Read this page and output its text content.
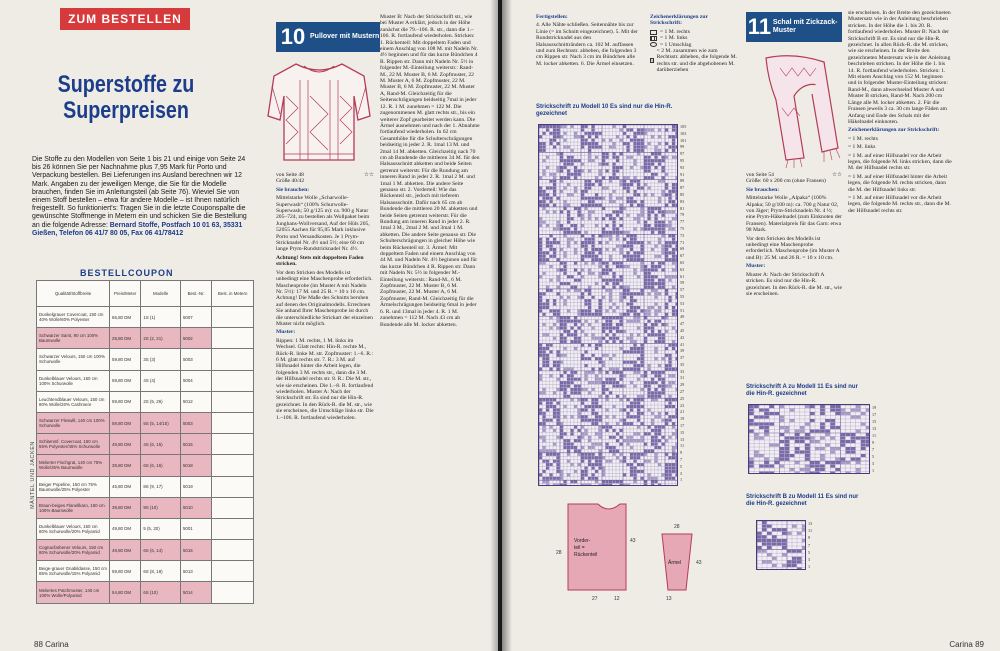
ZUM BESTELLEN
Superstoffe zu Superpreisen
Die Stoffe zu den Modellen von Seite 1 bis 21 und einige von Seite 24 bis 26 können Sie per Nachnahme plus 7,95 Mark für Porto und Verpackung bestellen. Bei Lieferungen ins Ausland berechnen wir 12 Mark. Angaben zu der jeweiligen Menge, die Sie für die Modelle brauchen, finden Sie im Anleitungsteil (ab Seite 76). Wieviel Sie von einem Stoff bestellen – etwa für andere Modelle – ist Ihnen natürlich freigestellt. So funktioniert's: Tragen Sie in die letzte Couponspalte die gewünschte Stoffmenge in Metern ein und schicken Sie die Bestellung an die folgende Adresse: Bernard Stoffe, Postfach 10 01 63, 35331 Gießen, Telefon 06 41/7 80 05, Fax 06 41/78412
BESTELLCOUPON
MÄNTEL UND JACKEN
Qualität/Stoffbreite	Preis/Meter	Modelle	Best.-Nr.	Best. in Metern
Dunkelgrauer Covercoat, 150 cm 40% Wolle/60% Polyester	65,80 DM	1S (1)	5007	
Schwarzer Samt, 90 cm 100% Baumwolle	29,80 DM	2S (2, 21)	5002	
Schwarzer Velours, 150 cm 100% Schurwolle	59,80 DM	3S (3)	5003	
Dunkelblauer Velours, 150 cm 100% Schurwolle	59,80 DM	4S (4)	5004	
Leuchtendblauer Velours, 150 cm 80% Wolle/20% Cashmere	59,80 DM	2S (5, 26)	5012	
Schwarzer Fleswill, 140 cm 100% Schurwolle	59,80 DM	5S (5, 14/15)	5003	
Schlammf. Covercoat, 150 cm 55% Polyester/45% Schurwolle	49,80 DM	4S (6, 15)	5015	
Melierter Fischgrat, 140 cm 75% Wolle/25% Baumwolle	39,80 DM	6S (6, 16)	5018	
Beiger Popeline, 150 cm 75% Baumwolle/25% Polyester	45,80 DM	8S (9, 17)	5019	
Braun-beiges Flanellkaro, 150 cm 100% Baumwolle	39,80 DM	9S (10)	5010	
Dunkelblauer Velours, 150 cm 80% Schurwolle/20% Polyamid	49,80 DM	5 (5, 20)	5001	
Cognacfarbener Velours, 150 cm 80% Schurwolle/20% Polyamid	49,80 DM	6S (6, 14)	5015	
Beige-grauer Gnabildasse, 150 cm 85% Schurwolle/15% Polyamid	59,80 DM	6S (8, 18)	5013	
Meliertes Patchmuster, 140 cm 100% Wolle/Polyamid	54,80 DM	6S (10)	5014	
88 Carina
10 Pullover mit Mustern

von Seite 48	☆☆

Größe 40/42

Sie brauchen:

Mittelstarke Wolle „Scharwolle-Superwash“ (100% Schurwolle-Superwash; 50 g/125 m): ca. 900 g Natur 205–724, zu bestellen als Wollpaket beim Junghans-Wollversand, Auf der Hüls 205, 52055 Aachen für 95,05 Mark inklusive Porto und Versandkosten. Je 1 Prym-Stricknadel Nr. 4½ und 5½; eine 60 cm lange Prym-Rundstricknadel Nr. 4½.

Achtung! Stets mit doppeltem Faden stricken.

Vor dem Stricken des Modells ist unbedingt eine Maschenprobe erforderlich. Maschenprobe (im Muster A mit Nadeln Nr. 5½): 17 M. und 25 R. = 10 x 10 cm. Achtung! Die Maße des Schnitts beruhen auf denen des Originalmodells. Errechnen Sie anhand Ihrer Maschenprobe ist durch die unterschiedliche Strickart der einzelnen Muster nicht möglich.

Muster:

Rippen: 1 M. rechts, 1 M. links im Wechsel. Glatt rechts: Hin-R. rechte M., Rück-R. linke M. str. Zopfmuster: 1.–6. R.: 6 M. glatt rechts str. 7. R.: 3 M. auf Hilfsnadel hinter die Arbeit legen, die folgenden 3 M. rechts str., dann die 3 M. der Hilfsnadel rechts str. 8. R.: Die M. str., wie sie erscheinen. Die 1.–8. R. fortlaufend wiederholen. Muster A: Nach der Strickschrift str. Es sind nur die Hin-R. gezeichnet. In den Rück-R. die M. str., wie sie erscheinen, die Umschläge links str. Die 1.–106. R. fortlaufend wiederholen.

Muster B: Nach der Strickschrift str., wie bei Muster A erklärt, jedoch in der Höhe zunächst die 79.–106. R. str., dann die 1.–106. R. fortlaufend wiederholen. Stricken: 1. Rückenteil: Mit doppeltem Faden und einem Anschlag von 108 M. mit Nadeln Nr. 4½ beginnen und für das kurze Bündchen 4 R. Rippen str. Dann mit Nadeln Nr. 5½ in folgender M.-Einteilung weiterstr.: Rand-M., 22 M. Muster B, 6 M. Zopfmuster, 22 M. Muster A, 6 M. Zopfmuster, 22 M. Muster B, 6 M. Zopfmuster, 22 M. Muster A, Rand-M. Gleichzeitig für die Seitenschrägungen beidseitig 7mal in jeder 12. R. 1 M. zunehmen = 122 M. Die zugenommenen M. glatt rechts str., bis ein weiterer Zopf gearbeitet werden kann. Die Ärmel ausnehmen und nach der 1. Abnahme fortlaufend wiederholen. In 62 cm Gesamthöhe für die Schulterschrägungen beidseitig in jeder 2. R. 1mal 13 M. und 2mal 14 M. abketten. Gleichzeitig nach 70 cm ab Bundende die mittleren 34 M. für den Halsausschnitt abketten und beide Seiten getrennt weiterstr. Für die Rundung am inneren Rand in jeder 2. R. 1mal 2 M. und 1mal 1 M. abketten. Die andere Seite genauso str. 2. Vorderteil: Wie das Rückenteil str., jedoch mit tieferem Halsausschnitt. Dafür nach 65 cm ab Bundende die mittleren 20 M. abketten und beide Seiten getrennt weiterstr. Für die Rundung am inneren Rand in jeder 2. R. 1mal 3 M., 2mal 2 M. und 3mal 1 M. abketten. Die andere Seite genauso str. Die Schulterschrägungen in gleicher Höhe wie beim Rückenteil str. 3. Ärmel: Mit doppeltem Faden und einem Anschlag von 44 M. und Nadeln Nr. 4½ beginnen und für das kurze Bündchen 4 R. Rippen str. Dann mit Nadeln Nr. 5½ in folgender M.-Einteilung weiterstr.: Rand-M., 6 M. Zopfmuster, 22 M. Muster B, 6 M. Zopfmuster, 22 M. Muster A, 6 M. Zopfmuster, Rand-M. Gleichzeitig für die Ärmelschrägungen beidseitig 6mal in jeder 6. R. und 13mal in jeder 4. R. 1 M. zunehmen = 112 M. Nach 43 cm ab Bundende alle M. locker abketten.

Fertigstellen:

4. Alle Nähte schließen. Seitennähte bis zur Linie (= im Schnitt eingezeichnet). 5. Mit der Rundstricknadel aus den Halsausschnitträndern ca. 102 M. auffassen und zum Rechtsstr. abheben, die folgenden 3 cm Rippen str. Nach 3 cm im Bündchen alle M. locker abketten. 6. Die Ärmel einsetzen.

Zeichenerklärungen zur Strickschrift:

= 1 M. rechts
= 1 M. links
= 1 Umschlag
= 2 M. zusammen wie zum Rechtsstr. abheben, die folgende M. rechts str. und die abgehobenen M. darüberziehen
Strickschrift zu Modell 10 Es sind nur die Hin-R. gezeichnet
105
103
101
99
97
95
93
91
89
87
85
83
81
79
77
75
73
71
69
67
65
63
61
59
57
55
53
51
49
47
45
43
41
39
37
35
33
31
29
27
25
23
21
19
17
15
13
11
9
7
5
3
1
28
43
43
27	12	13
28
Vorder-
teil =
Rückenteil
Ärmel
11 Schal mit Zickzack-Muster

von Seite 54	☆☆

Größe: 60 x 200 cm (ohne Fransen)

Sie brauchen:

Mittelstarke Wolle „Alpaka“ (100% Alpaka; 50 g/100 m): ca. 700 g Natur 02, von Jäger; Prym-Stricknadeln Nr. 4 ½; eine Prym-Häkelnadel (zum Einknoten der Fransen). Materialpreis für das Garn: etwa 98 Mark.

Vor dem Stricken des Modells ist unbedingt eine Maschenprobe erforderlich. Maschenprobe (im Muster A und B): 25 M. und 26 R. = 10 x 10 cm.

Muster:

Muster A: Nach der Strickschrift A stricken. Es sind nur die Hin-R. gezeichnet. In den Rück-R. die M. str., wie sie erscheinen.

sie erscheinen. In der Breite den gezeichneten Mustersatz wie in der Anleitung beschrieben stricken. In der Höhe die 1. bis 20. R. fortlaufend wiederholen. Muster B: Nach der Strickschrift B str. Es sind nur die Hin-R. gezeichnet. In allen Rück-R. die M. stricken, wie sie erscheinen. In der Breite den gezeichneten Mustersatz wie in der Anleitung beschrieben stricken. In der Höhe die 1. bis 14. R. fortlaufend wiederholen. Stricken: 1. Mit einem Anschlag von 152 M. beginnen und in folgender Muster-Einteilung stricken: Rand-M., dann abwechselnd Muster A und Muster B stricken, Rand-M. Nach 200 cm Länge alle M. locker abketten. 2. Für die Fransen jeweils 3 ca. 30 cm lange Fäden am Anfang und Ende des Schals mit der Häkelnadel einknoten.

Zeichenerklärungen zur Strickschrift:

= 1 M. rechts

= 1 M. links

= 1 M. auf einer Hilfsnadel vor die Arbeit legen, die folgende M. links stricken, dann die M. der Hilfsnadel rechts str.

= 1 M. auf einer Hilfsnadel hinter die Arbeit legen, die folgende M. rechts stricken, dann die M. der Hilfsnadel links str.

= 1 M. auf einer Hilfsnadel vor die Arbeit legen, die folgende M. rechts str., dann die M. der Hilfsnadel rechts str.

Strickschrift A zu Modell 11 Es sind nur die Hin-R. gezeichnet
19
17
15
13
11
9
7
5
3
1
Strickschrift B zu Modell 11 Es sind nur die Hin-R. gezeichnet
13
11
9
7
5
3
1
Carina 89
